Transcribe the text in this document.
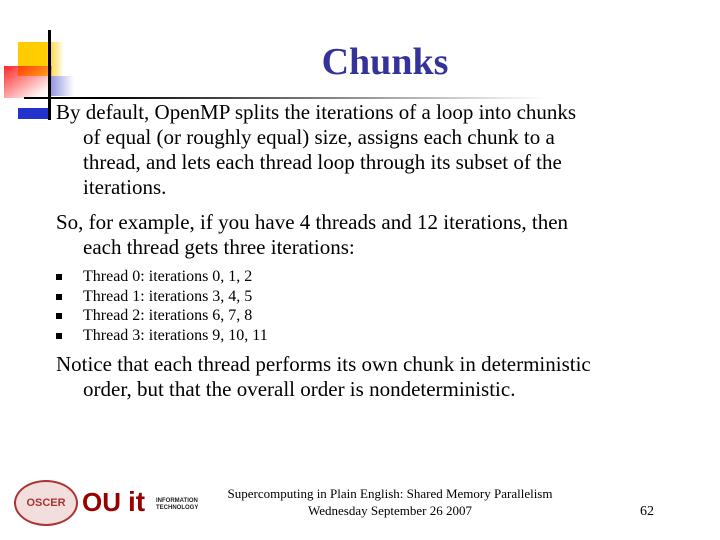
Chunks
By default, OpenMP splits the iterations of a loop into chunks
of equal (or roughly equal) size, assigns each chunk to a
thread, and lets each thread loop through its subset of the
iterations.
So, for example, if you have 4 threads and 12 iterations, then
each thread gets three iterations:
Thread 0: iterations 0, 1, 2
Thread 1: iterations 3, 4, 5
Thread 2: iterations 6, 7, 8
Thread 3: iterations 9, 10, 11
Notice that each thread performs its own chunk in deterministic
order, but that the overall order is nondeterministic.
OSCER OU it INFORMATION TECHNOLOGY
Supercomputing in Plain English: Shared Memory Parallelism
Wednesday September 26 2007	62
